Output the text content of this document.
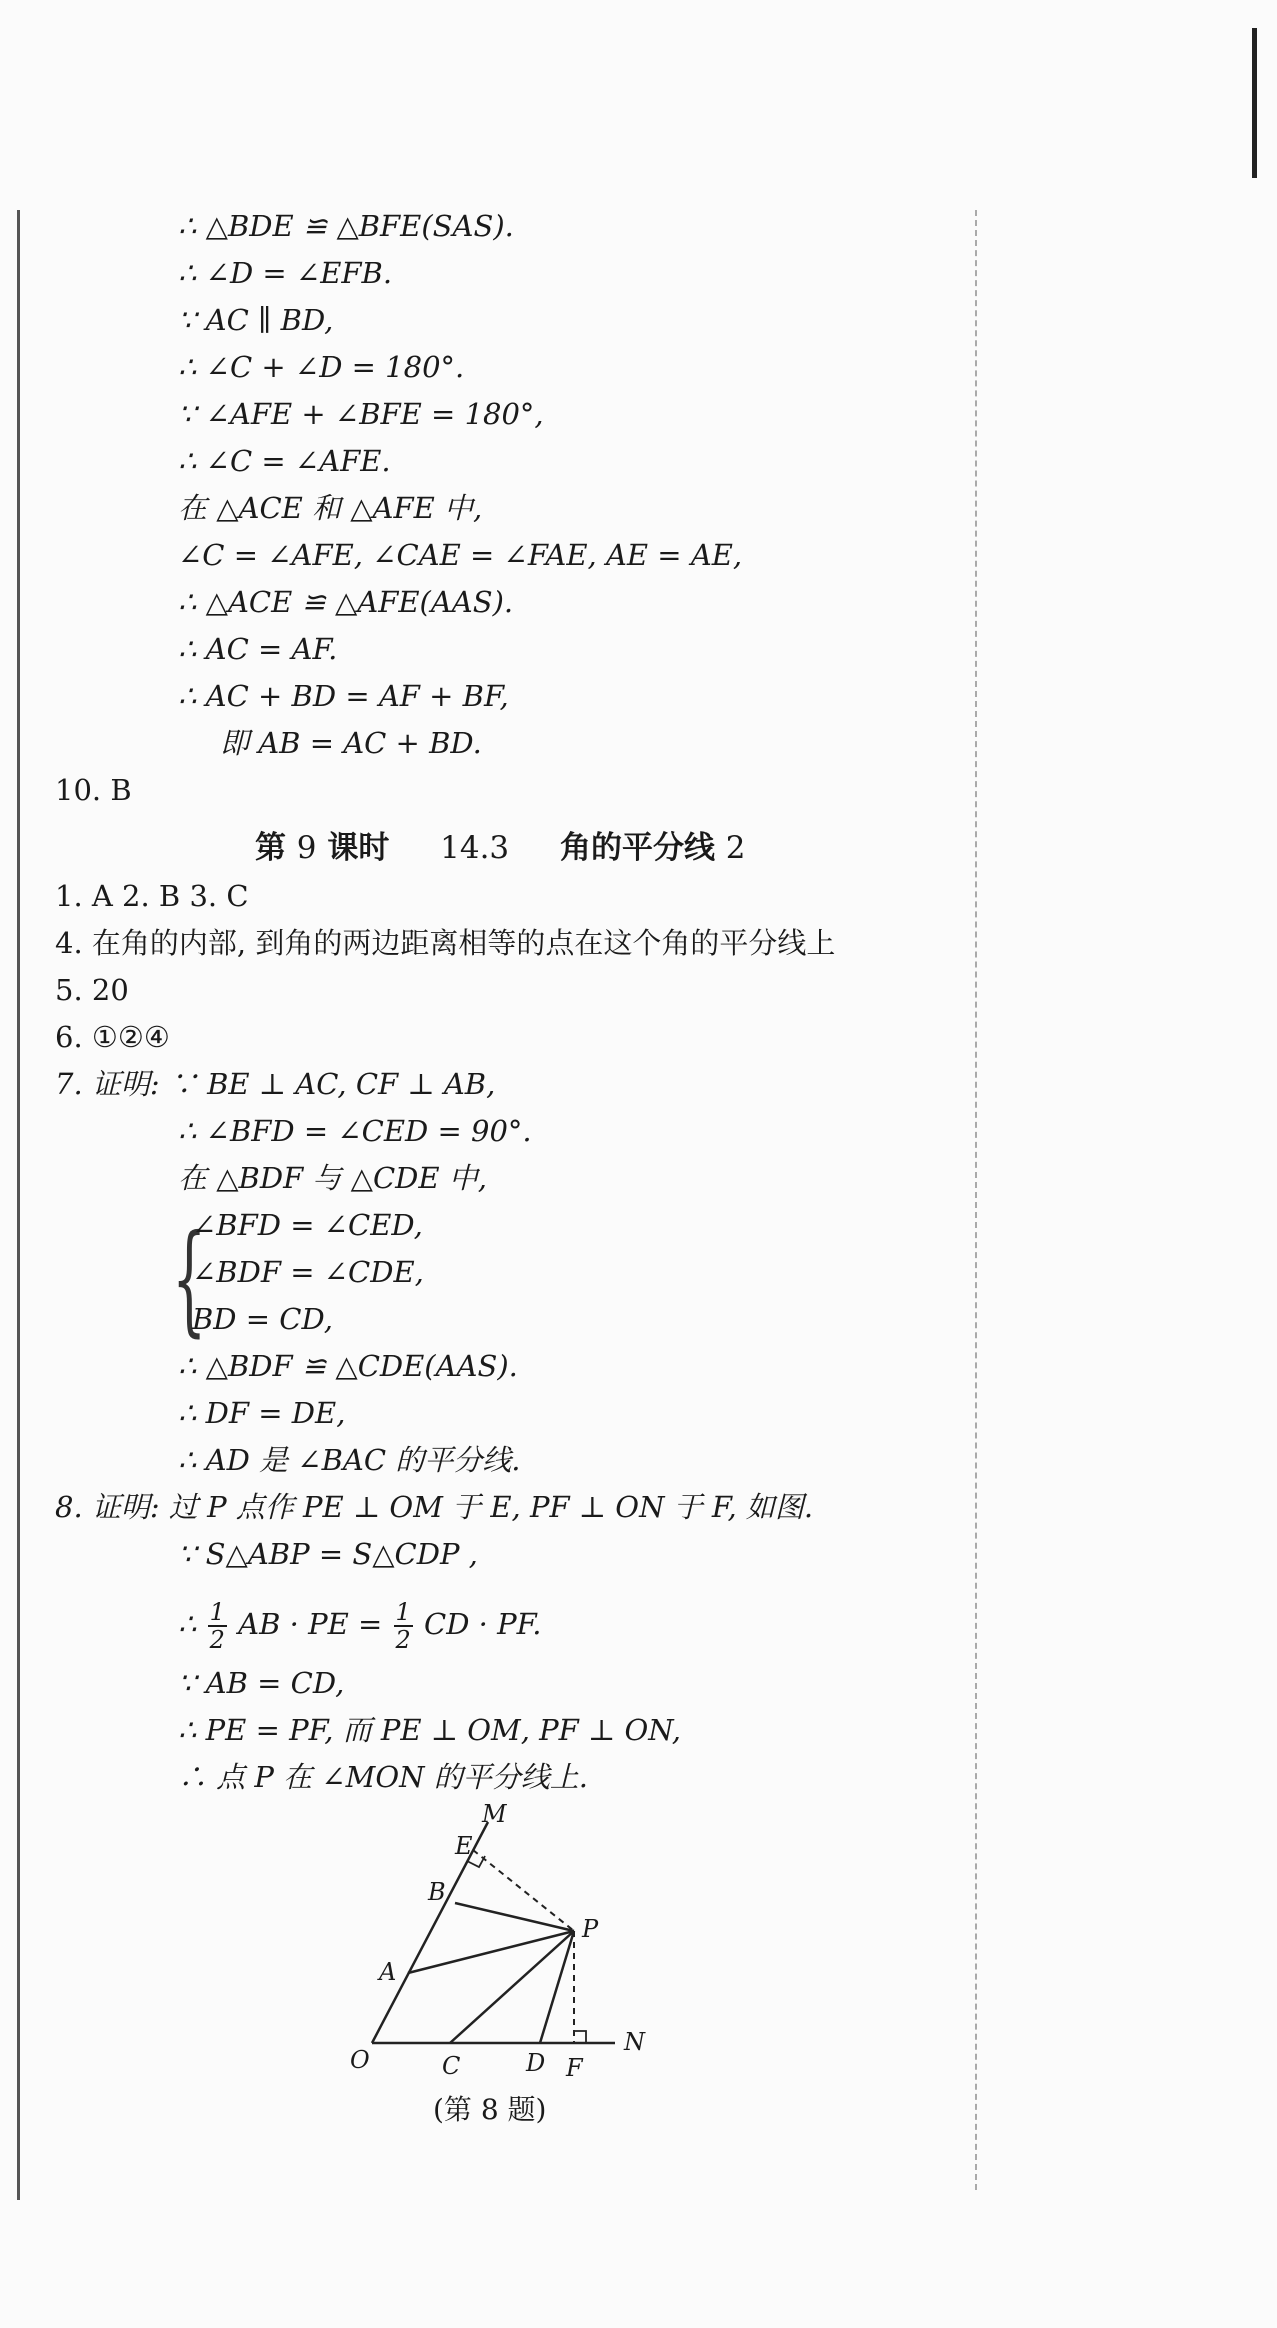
∴ △BDE ≌ △BFE(SAS).
∴ ∠D = ∠EFB.
∵ AC ∥ BD,
∴ ∠C + ∠D = 180°.
∵ ∠AFE + ∠BFE = 180°,
∴ ∠C = ∠AFE.
在 △ACE 和 △AFE 中,
∠C = ∠AFE, ∠CAE = ∠FAE, AE = AE,
∴ △ACE ≌ △AFE(AAS).
∴ AC = AF.
∴ AC + BD = AF + BF,
即 AB = AC + BD.
10. B
第 9 课时 14.3 角的平分线 2
1. A 2. B 3. C
4. 在角的内部, 到角的两边距离相等的点在这个角的平分线上
5. 20
6. ①②④
7. 证明: ∵ BE ⊥ AC, CF ⊥ AB,
∴ ∠BFD = ∠CED = 90°.
在 △BDF 与 △CDE 中,
{
∠BFD = ∠CED,
∠BDF = ∠CDE,
BD = CD,
∴ △BDF ≌ △CDE(AAS).
∴ DF = DE,
∴ AD 是 ∠BAC 的平分线.
8. 证明: 过 P 点作 PE ⊥ OM 于 E, PF ⊥ ON 于 F, 如图.
∵ S△ABP = S△CDP ,
∴ $\frac{1}{2}$ AB · PE = $\frac{1}{2}$ CD · PF.
∵ AB = CD,
∴ PE = PF, 而 PE ⊥ OM, PF ⊥ ON,
∴ 点 P 在 ∠MON 的平分线上.
M
E
B
P
A
O	C	D F
N
(第 8 题)
